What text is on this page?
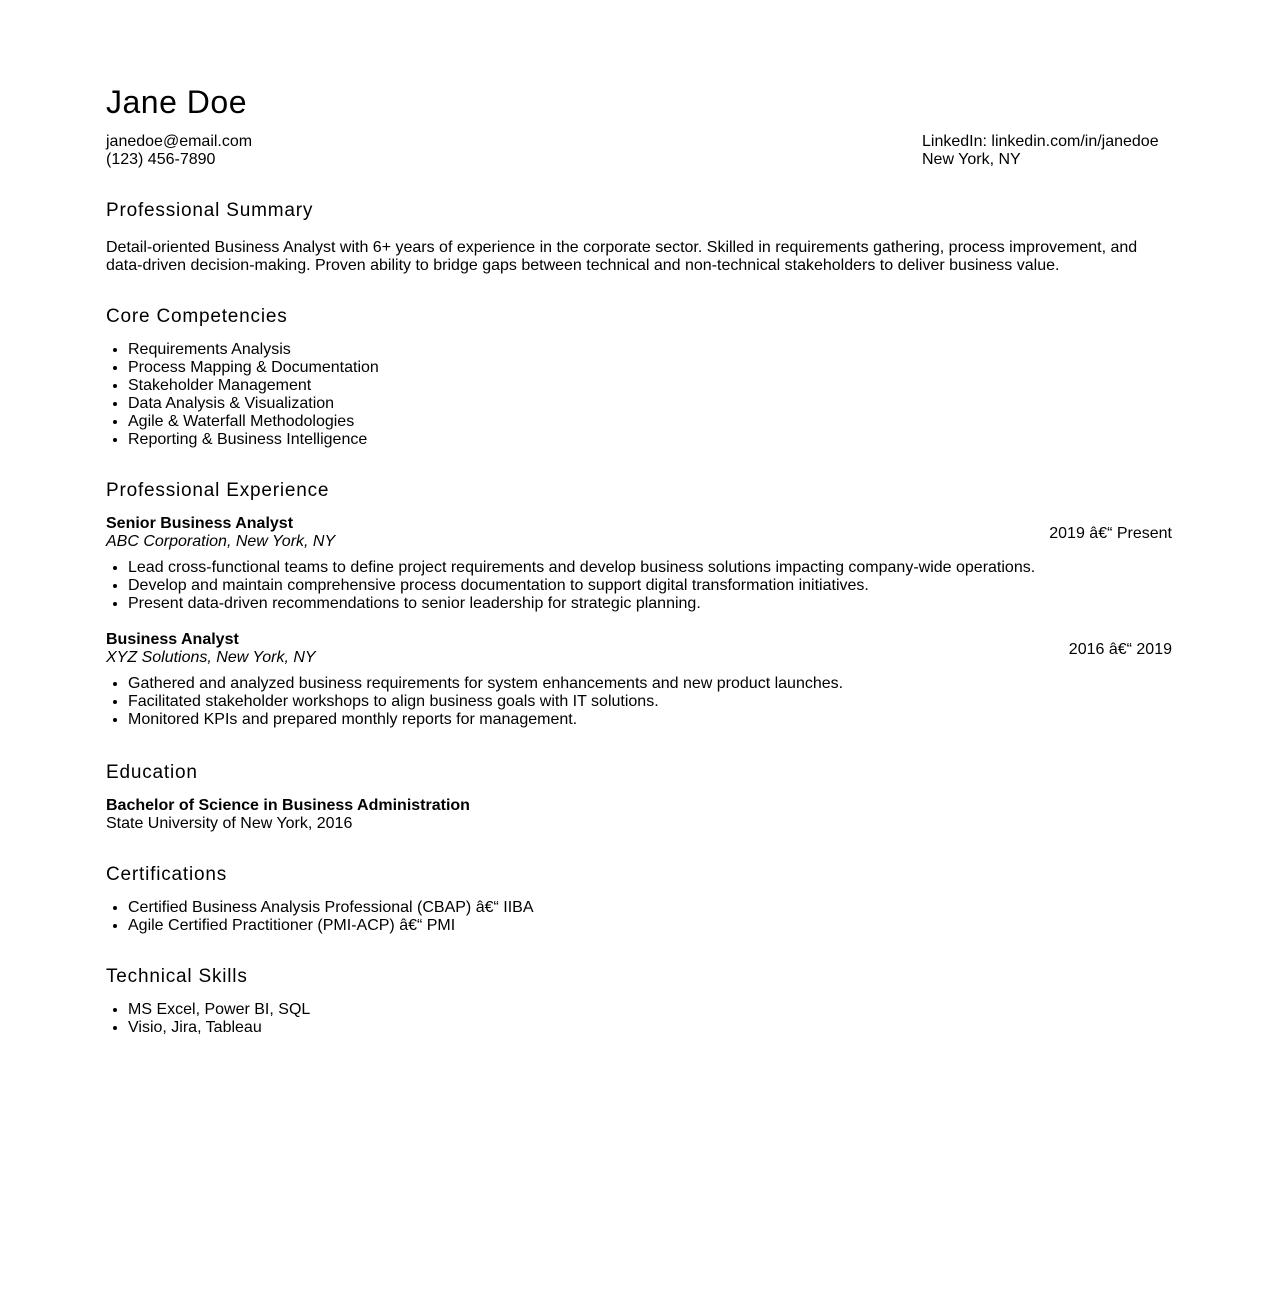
Jane Doe
janedoe@email.com
(123) 456-7890
LinkedIn: linkedin.com/in/janedoe
New York, NY
Professional Summary
Detail-oriented Business Analyst with 6+ years of experience in the corporate sector. Skilled in requirements gathering, process improvement, and data-driven decision-making. Proven ability to bridge gaps between technical and non-technical stakeholders to deliver business value.
Core Competencies
• Requirements Analysis
• Process Mapping & Documentation
• Stakeholder Management
• Data Analysis & Visualization
• Agile & Waterfall Methodologies
• Reporting & Business Intelligence
Professional Experience
Senior Business Analyst
ABC Corporation, New York, NY	2019 â€“ Present
• Lead cross-functional teams to define project requirements and develop business solutions impacting company-wide operations.
• Develop and maintain comprehensive process documentation to support digital transformation initiatives.
• Present data-driven recommendations to senior leadership for strategic planning.
Business Analyst
XYZ Solutions, New York, NY	2016 â€“ 2019
• Gathered and analyzed business requirements for system enhancements and new product launches.
• Facilitated stakeholder workshops to align business goals with IT solutions.
• Monitored KPIs and prepared monthly reports for management.
Education
Bachelor of Science in Business Administration
State University of New York, 2016
Certifications
• Certified Business Analysis Professional (CBAP) â€“ IIBA
• Agile Certified Practitioner (PMI-ACP) â€“ PMI
Technical Skills
• MS Excel, Power BI, SQL
• Visio, Jira, Tableau
